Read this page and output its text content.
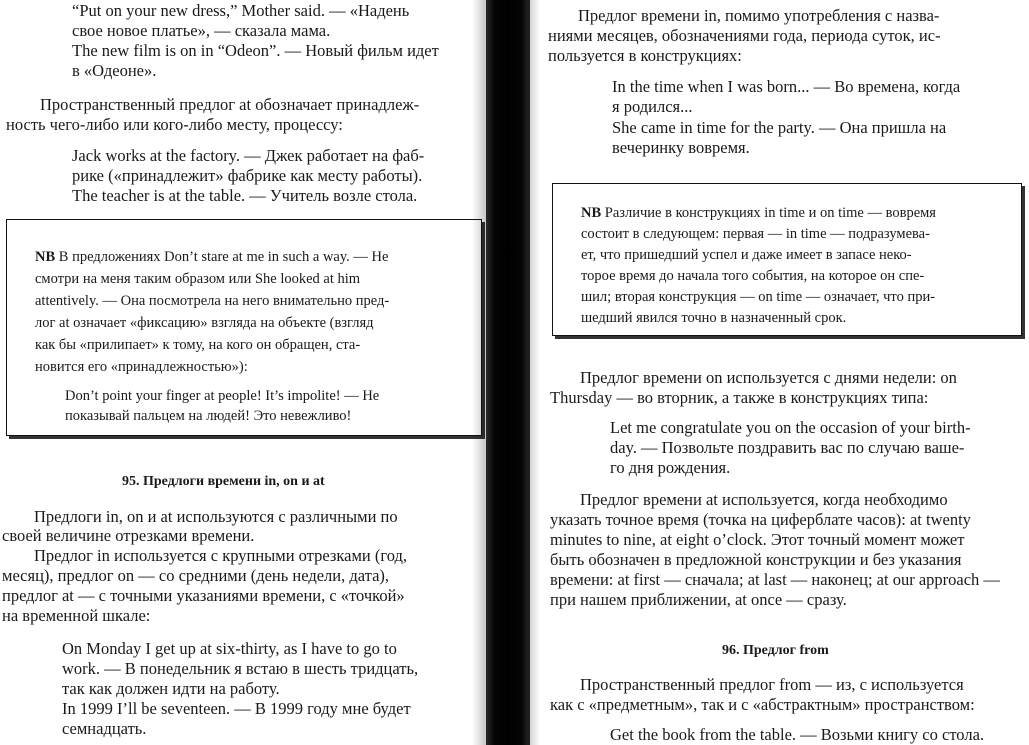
“Put on your new dress,” Mother said. — «Надень
свое новое платье», — сказала мама.
The new film is on in “Odeon”. — Новый фильм идет
в «Одеоне».
Пространственный предлог at обозначает принадлеж-
ность чего-либо или кого-либо месту, процессу:
Jack works at the factory. — Джек работает на фаб-
рике («принадлежит» фабрике как месту работы).
The teacher is at the table. — Учитель возле стола.
NB В предложениях Don’t stare at me in such a way. — Не
смотри на меня таким образом или She looked at him
attentively. — Она посмотрела на него внимательно пред-
лог at означает «фиксацию» взгляда на объекте (взгляд
как бы «прилипает» к тому, на кого он обращен, ста-
новится его «принадлежностью»):
Don’t point your finger at people! It’s impolite! — Не
показывай пальцем на людей! Это невежливо!
95. Предлоги времени in, on и at
Предлоги in, on и at используются с различными по
своей величине отрезками времени.
Предлог in используется с крупными отрезками (год,
месяц), предлог on — со средними (день недели, дата),
предлог at — с точными указаниями времени, с «точкой»
на временной шкале:
On Monday I get up at six-thirty, as I have to go to
work. — В понедельник я встаю в шесть тридцать,
так как должен идти на работу.
In 1999 I’ll be seventeen. — В 1999 году мне будет
семнадцать.
Предлог времени in, помимо употребления с назва-
ниями месяцев, обозначениями года, периода суток, ис-
пользуется в конструкциях:
In the time when I was born... — Во времена, когда
я родился...
She came in time for the party. — Она пришла на
вечеринку вовремя.
NB Различие в конструкциях in time и on time — вовремя
состоит в следующем: первая — in time — подразумева-
ет, что пришедший успел и даже имеет в запасе неко-
торое время до начала того события, на которое он спе-
шил; вторая конструкция — on time — означает, что при-
шедший явился точно в назначенный срок.
Предлог времени on используется с днями недели: on
Thursday — во вторник, а также в конструкциях типа:
Let me congratulate you on the occasion of your birth-
day. — Позвольте поздравить вас по случаю ваше-
го дня рождения.
Предлог времени at используется, когда необходимо
указать точное время (точка на циферблате часов): at twenty
minutes to nine, at eight o’clock. Этот точный момент может
быть обозначен в предложной конструкции и без указания
времени: at first — сначала; at last — наконец; at our approach —
при нашем приближении, at once — сразу.
96. Предлог from
Пространственный предлог from — из, с используется
как с «предметным», так и с «абстрактным» пространством:
Get the book from the table. — Возьми книгу со стола.
